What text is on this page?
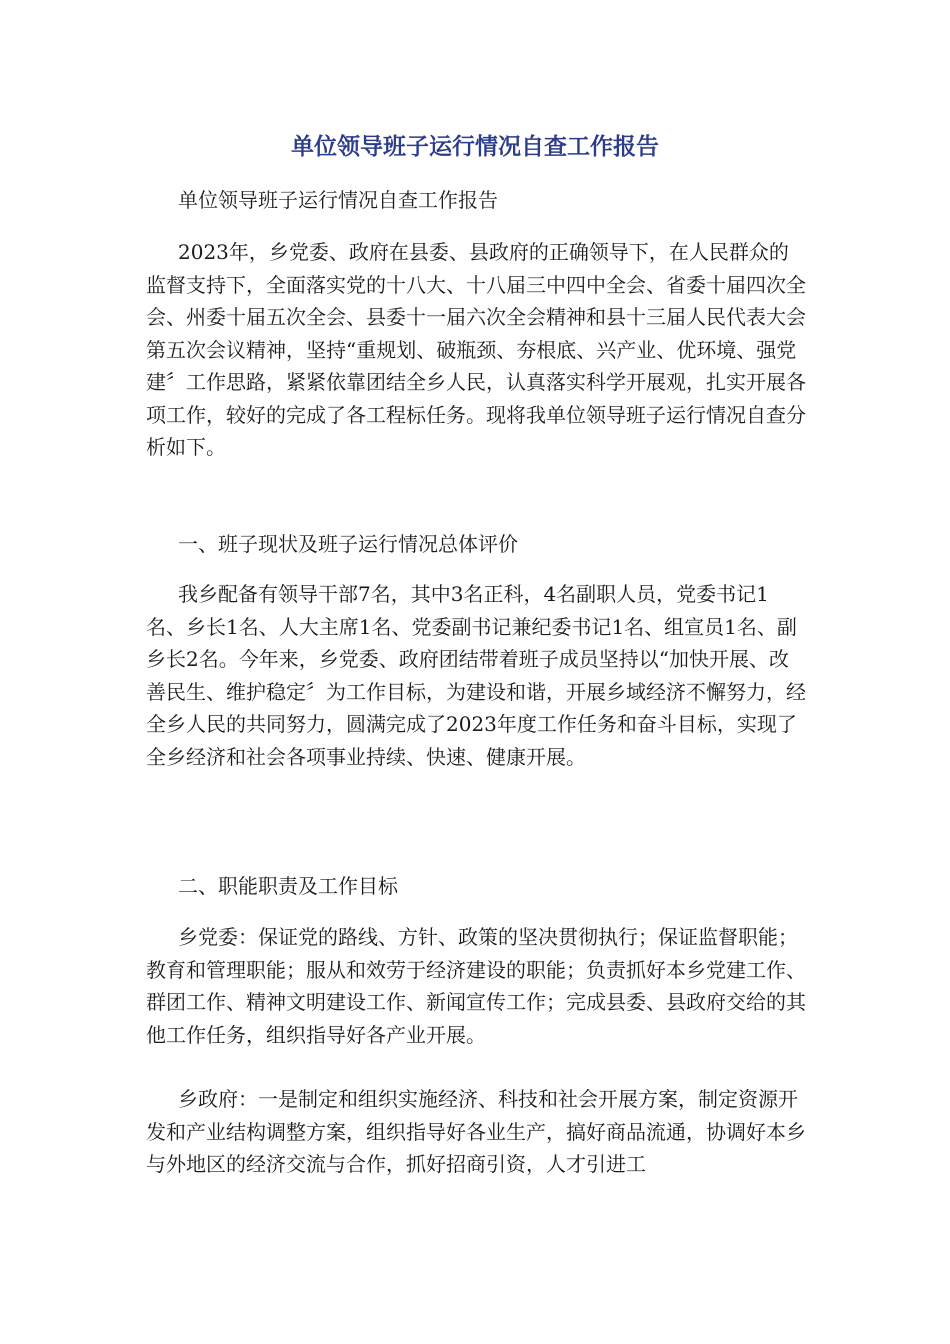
单位领导班子运行情况自查工作报告

单位领导班子运行情况自查工作报告

2023年，乡党委、政府在县委、县政府的正确领导下，在人民群众的监督支持下，全面落实党的十八大、十八届三中四中全会、省委十届四次全会、州委十届五次全会、县委十一届六次全会精神和县十三届人民代表大会第五次会议精神，坚持“重规划、破瓶颈、夯根底、兴产业、优环境、强党建〞工作思路，紧紧依靠团结全乡人民，认真落实科学开展观，扎实开展各项工作，较好的完成了各工程标任务。现将我单位领导班子运行情况自查分析如下。

一、班子现状及班子运行情况总体评价

我乡配备有领导干部7名，其中3名正科，4名副职人员，党委书记1名、乡长1名、人大主席1名、党委副书记兼纪委书记1名、组宣员1名、副乡长2名。今年来，乡党委、政府团结带着班子成员坚持以“加快开展、改善民生、维护稳定〞为工作目标，为建设和谐，开展乡域经济不懈努力，经全乡人民的共同努力，圆满完成了2023年度工作任务和奋斗目标，实现了全乡经济和社会各项事业持续、快速、健康开展。

二、职能职责及工作目标

乡党委：保证党的路线、方针、政策的坚决贯彻执行；保证监督职能；教育和管理职能；服从和效劳于经济建设的职能；负责抓好本乡党建工作、群团工作、精神文明建设工作、新闻宣传工作；完成县委、县政府交给的其他工作任务，组织指导好各产业开展。

乡政府：一是制定和组织实施经济、科技和社会开展方案，制定资源开发和产业结构调整方案，组织指导好各业生产，搞好商品流通，协调好本乡与外地区的经济交流与合作，抓好招商引资，人才引进工
